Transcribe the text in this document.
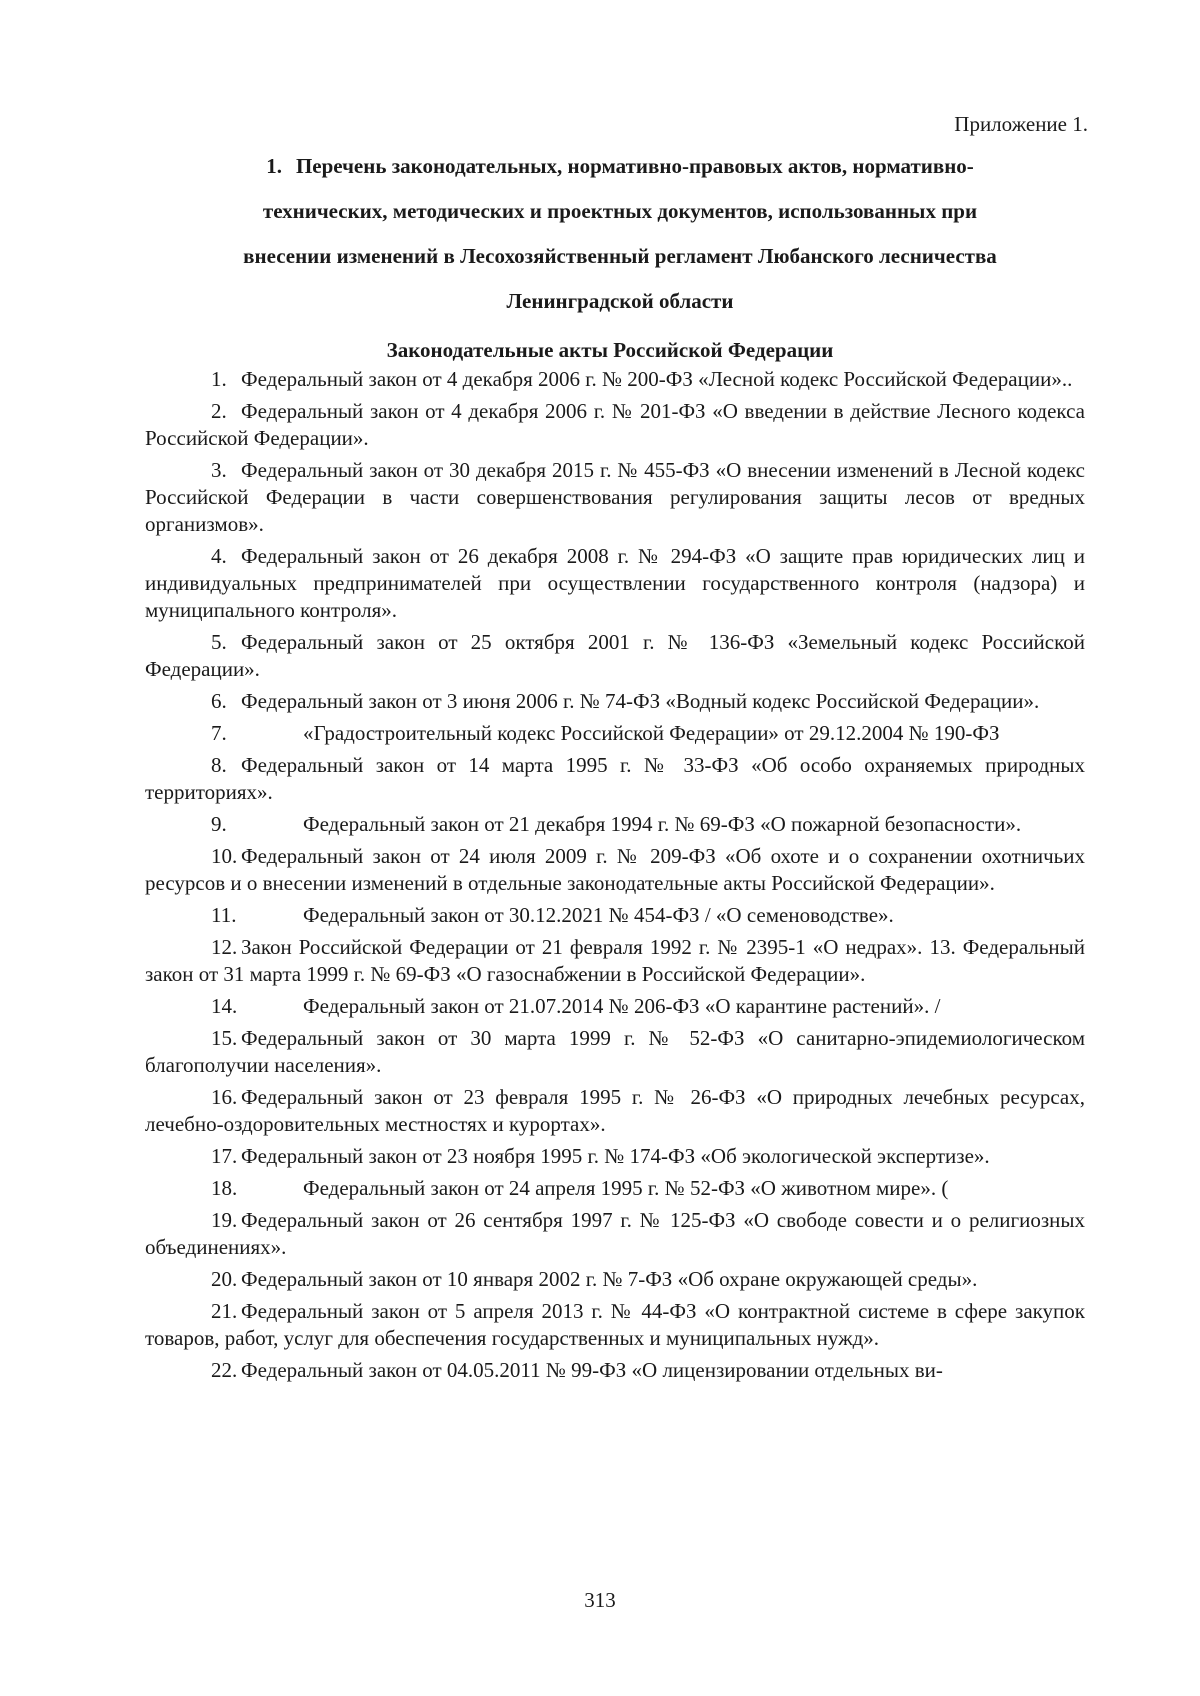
Приложение 1.
1. Перечень законодательных, нормативно-правовых актов, нормативно-
технических, методических и проектных документов, использованных при
внесении изменений в Лесохозяйственный регламент Любанского лесничества
Ленинградской области
Законодательные акты Российской Федерации

1. Федеральный закон от 4 декабря 2006 г. № 200-ФЗ «Лесной кодекс Российской Федерации»..

2. Федеральный закон от 4 декабря 2006 г. № 201-ФЗ «О введении в действие Лесного кодекса Российской Федерации».

3. Федеральный закон от 30 декабря 2015 г. № 455-ФЗ «О внесении изменений в Лесной кодекс Российской Федерации в части совершенствования регулирования защиты лесов от вредных организмов».

4. Федеральный закон от 26 декабря 2008 г. № 294-ФЗ «О защите прав юридических лиц и индивидуальных предпринимателей при осуществлении государственного контроля (надзора) и муниципального контроля».

5. Федеральный закон от 25 октября 2001 г. № 136-ФЗ «Земельный кодекс Российской Федерации».

6. Федеральный закон от 3 июня 2006 г. № 74-ФЗ «Водный кодекс Российской Федерации».

7.	«Градостроительный кодекс Российской Федерации» от 29.12.2004 № 190-ФЗ

8. Федеральный закон от 14 марта 1995 г. № 33-ФЗ «Об особо охраняемых природных территориях».

9.	Федеральный закон от 21 декабря 1994 г. № 69-ФЗ «О пожарной безопасности».

10. Федеральный закон от 24 июля 2009 г. № 209-ФЗ «Об охоте и о сохранении охотничьих ресурсов и о внесении изменений в отдельные законодательные акты Российской Федерации».

11.	Федеральный закон от 30.12.2021 № 454-ФЗ / «О семеноводстве».

12. Закон Российской Федерации от 21 февраля 1992 г. № 2395-1 «О недрах». 13. Федеральный закон от 31 марта 1999 г. № 69-ФЗ «О газоснабжении в Российской Федерации».

14.	Федеральный закон от 21.07.2014 № 206-ФЗ «О карантине растений». /

15. Федеральный закон от 30 марта 1999 г. № 52-ФЗ «О санитарно-эпидемиологическом благополучии населения».

16. Федеральный закон от 23 февраля 1995 г. № 26-ФЗ «О природных лечебных ресурсах, лечебно-оздоровительных местностях и курортах».

17. Федеральный закон от 23 ноября 1995 г. № 174-ФЗ «Об экологической экспертизе».

18.	Федеральный закон от 24 апреля 1995 г. № 52-ФЗ «О животном мире». (

19. Федеральный закон от 26 сентября 1997 г. № 125-ФЗ «О свободе совести и о религиозных объединениях».

20. Федеральный закон от 10 января 2002 г. № 7-ФЗ «Об охране окружающей среды».

21. Федеральный закон от 5 апреля 2013 г. № 44-ФЗ «О контрактной системе в сфере закупок товаров, работ, услуг для обеспечения государственных и муниципальных нужд».

22. Федеральный закон от 04.05.2011 № 99-ФЗ «О лицензировании отдельных ви-

313
